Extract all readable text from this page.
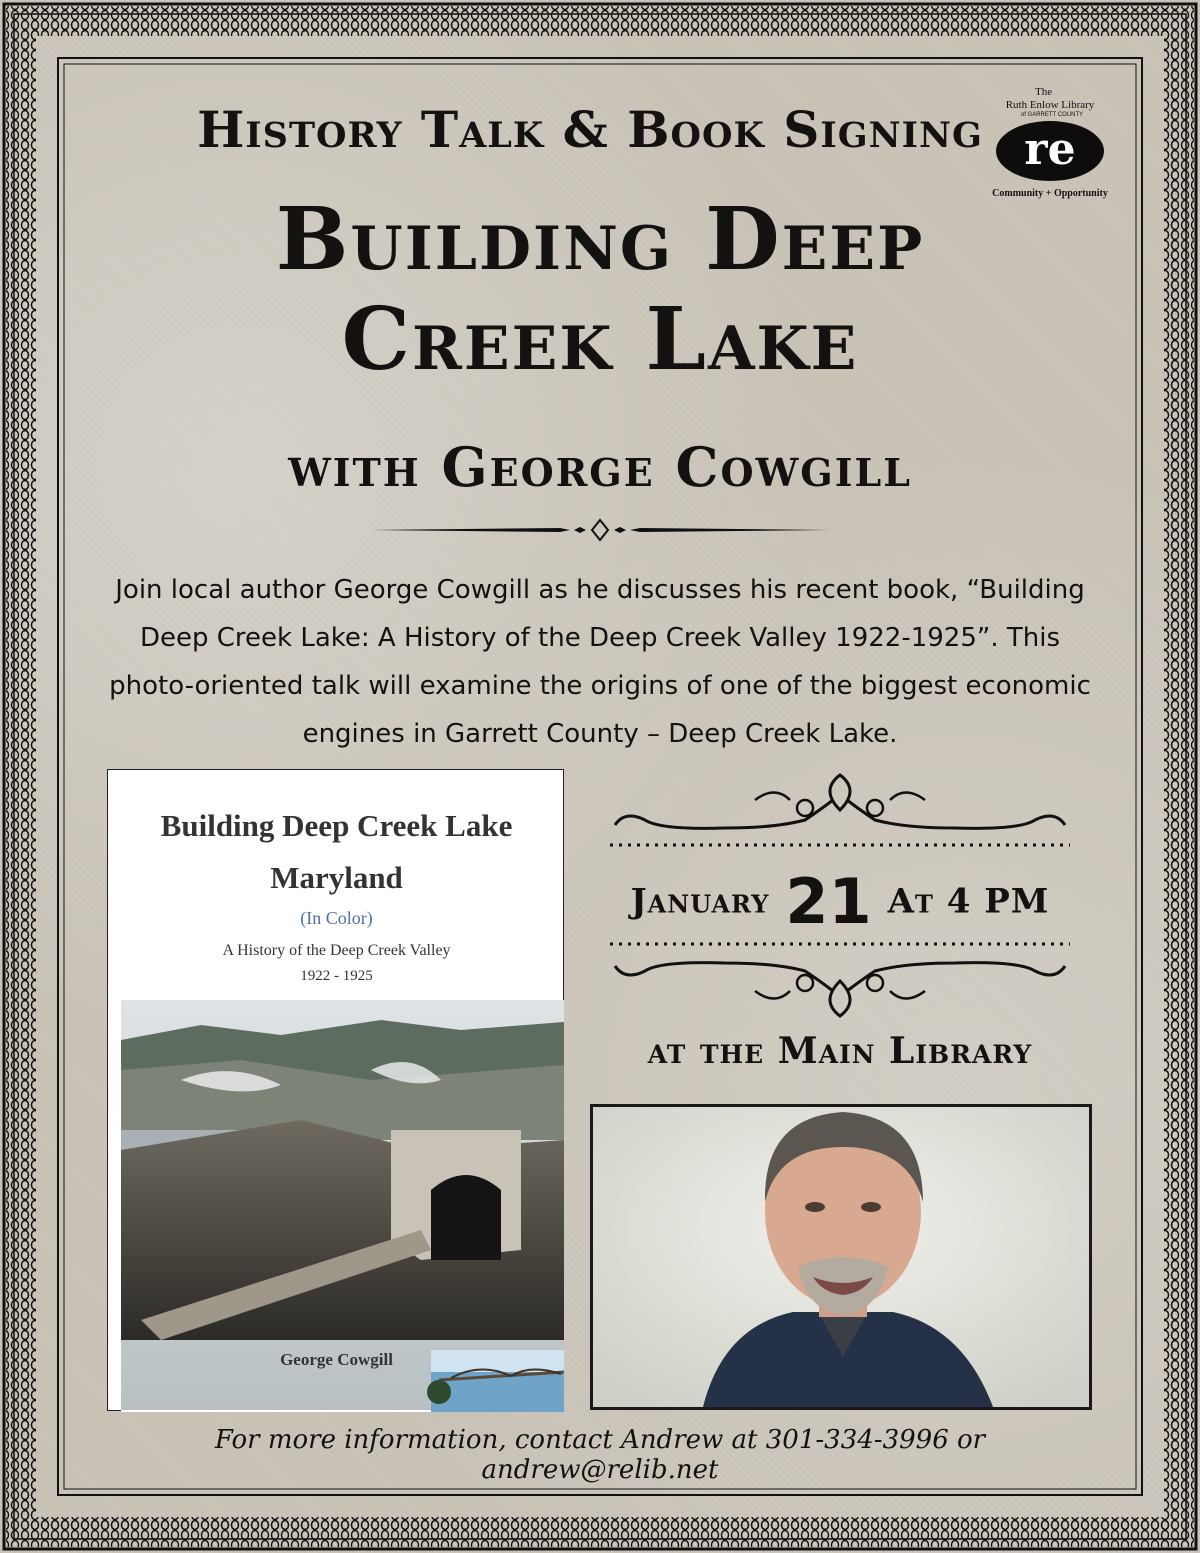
The
Ruth Enlow Library
of GARRETT COUNTY
re
Community + Opportunity
History Talk & Book Signing
Building Deep Creek Lake
with George Cowgill
Join local author George Cowgill as he discusses his recent book, “Building Deep Creek Lake: A History of the Deep Creek Valley 1922-1925”. This photo-oriented talk will examine the origins of one of the biggest economic engines in Garrett County – Deep Creek Lake.
Building Deep Creek Lake
Maryland
(In Color)
A History of the Deep Creek Valley
1922 - 1925
George Cowgill
January 21 At 4 PM
at the Main Library
For more information, contact Andrew at 301-334-3996 or andrew@relib.net
